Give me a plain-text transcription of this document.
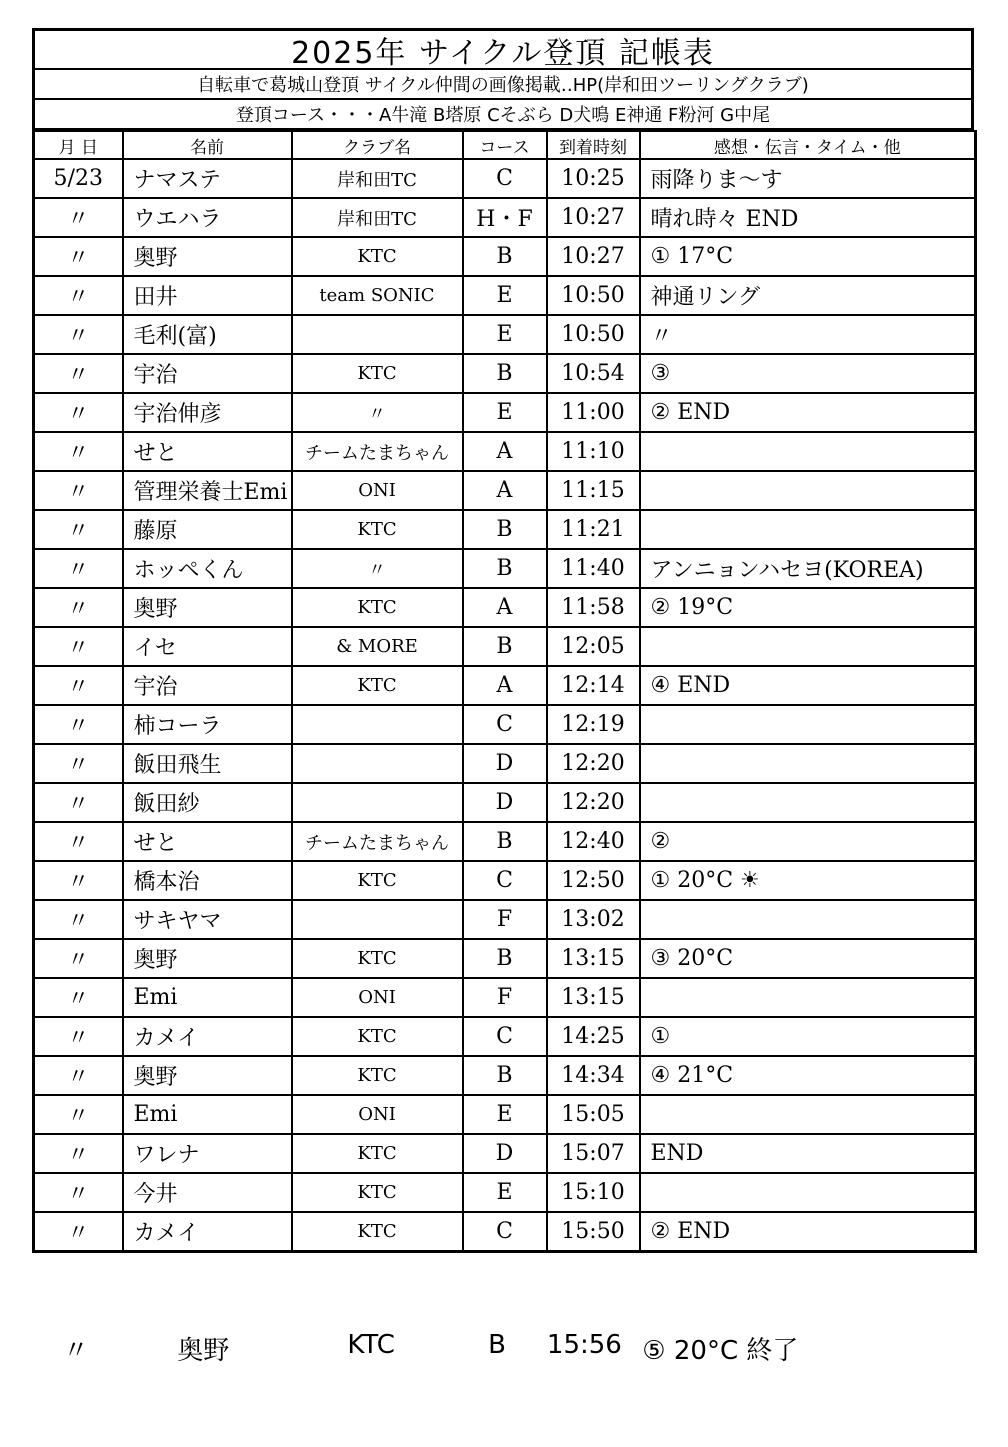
2025年 サイクル登頂 記帳表
自転車で葛城山登頂 サイクル仲間の画像掲載‥HP(岸和田ツーリングクラブ)
登頂コース・・・A牛滝 B塔原 Cそぶら D犬鳴 E神通 F粉河 G中尾
月 日	名前	クラブ名	コース	到着時刻	感想・伝言・タイム・他
5/23	ナマステ	岸和田TC	C	10:25	雨降りま～す
〃	ウエハラ	岸和田TC	H・F	10:27	晴れ時々 END
〃	奥野	KTC	B	10:27	① 17°C
〃	田井	team SONIC	E	10:50	神通リング
〃	毛利(富)		E	10:50	〃
〃	宇治	KTC	B	10:54	③
〃	宇治伸彦	〃	E	11:00	② END
〃	せと	チームたまちゃん	A	11:10	
〃	管理栄養士Emi	ONI	A	11:15	
〃	藤原	KTC	B	11:21	
〃	ホッペくん	〃	B	11:40	アンニョンハセヨ(KOREA)
〃	奥野	KTC	A	11:58	② 19°C
〃	イセ	& MORE	B	12:05	
〃	宇治	KTC	A	12:14	④ END
〃	柿コーラ		C	12:19	
〃	飯田飛生		D	12:20	
〃	飯田紗		D	12:20	
〃	せと	チームたまちゃん	B	12:40	②
〃	橋本治	KTC	C	12:50	① 20°C ☀
〃	サキヤマ		F	13:02	
〃	奥野	KTC	B	13:15	③ 20°C
〃	Emi	ONI	F	13:15	
〃	カメイ	KTC	C	14:25	①
〃	奥野	KTC	B	14:34	④ 21°C
〃	Emi	ONI	E	15:05	
〃	ワレナ	KTC	D	15:07	END
〃	今井	KTC	E	15:10	
〃	カメイ	KTC	C	15:50	② END
〃	奥野	KTC	B	15:56 ⑤ 20°C 終了
